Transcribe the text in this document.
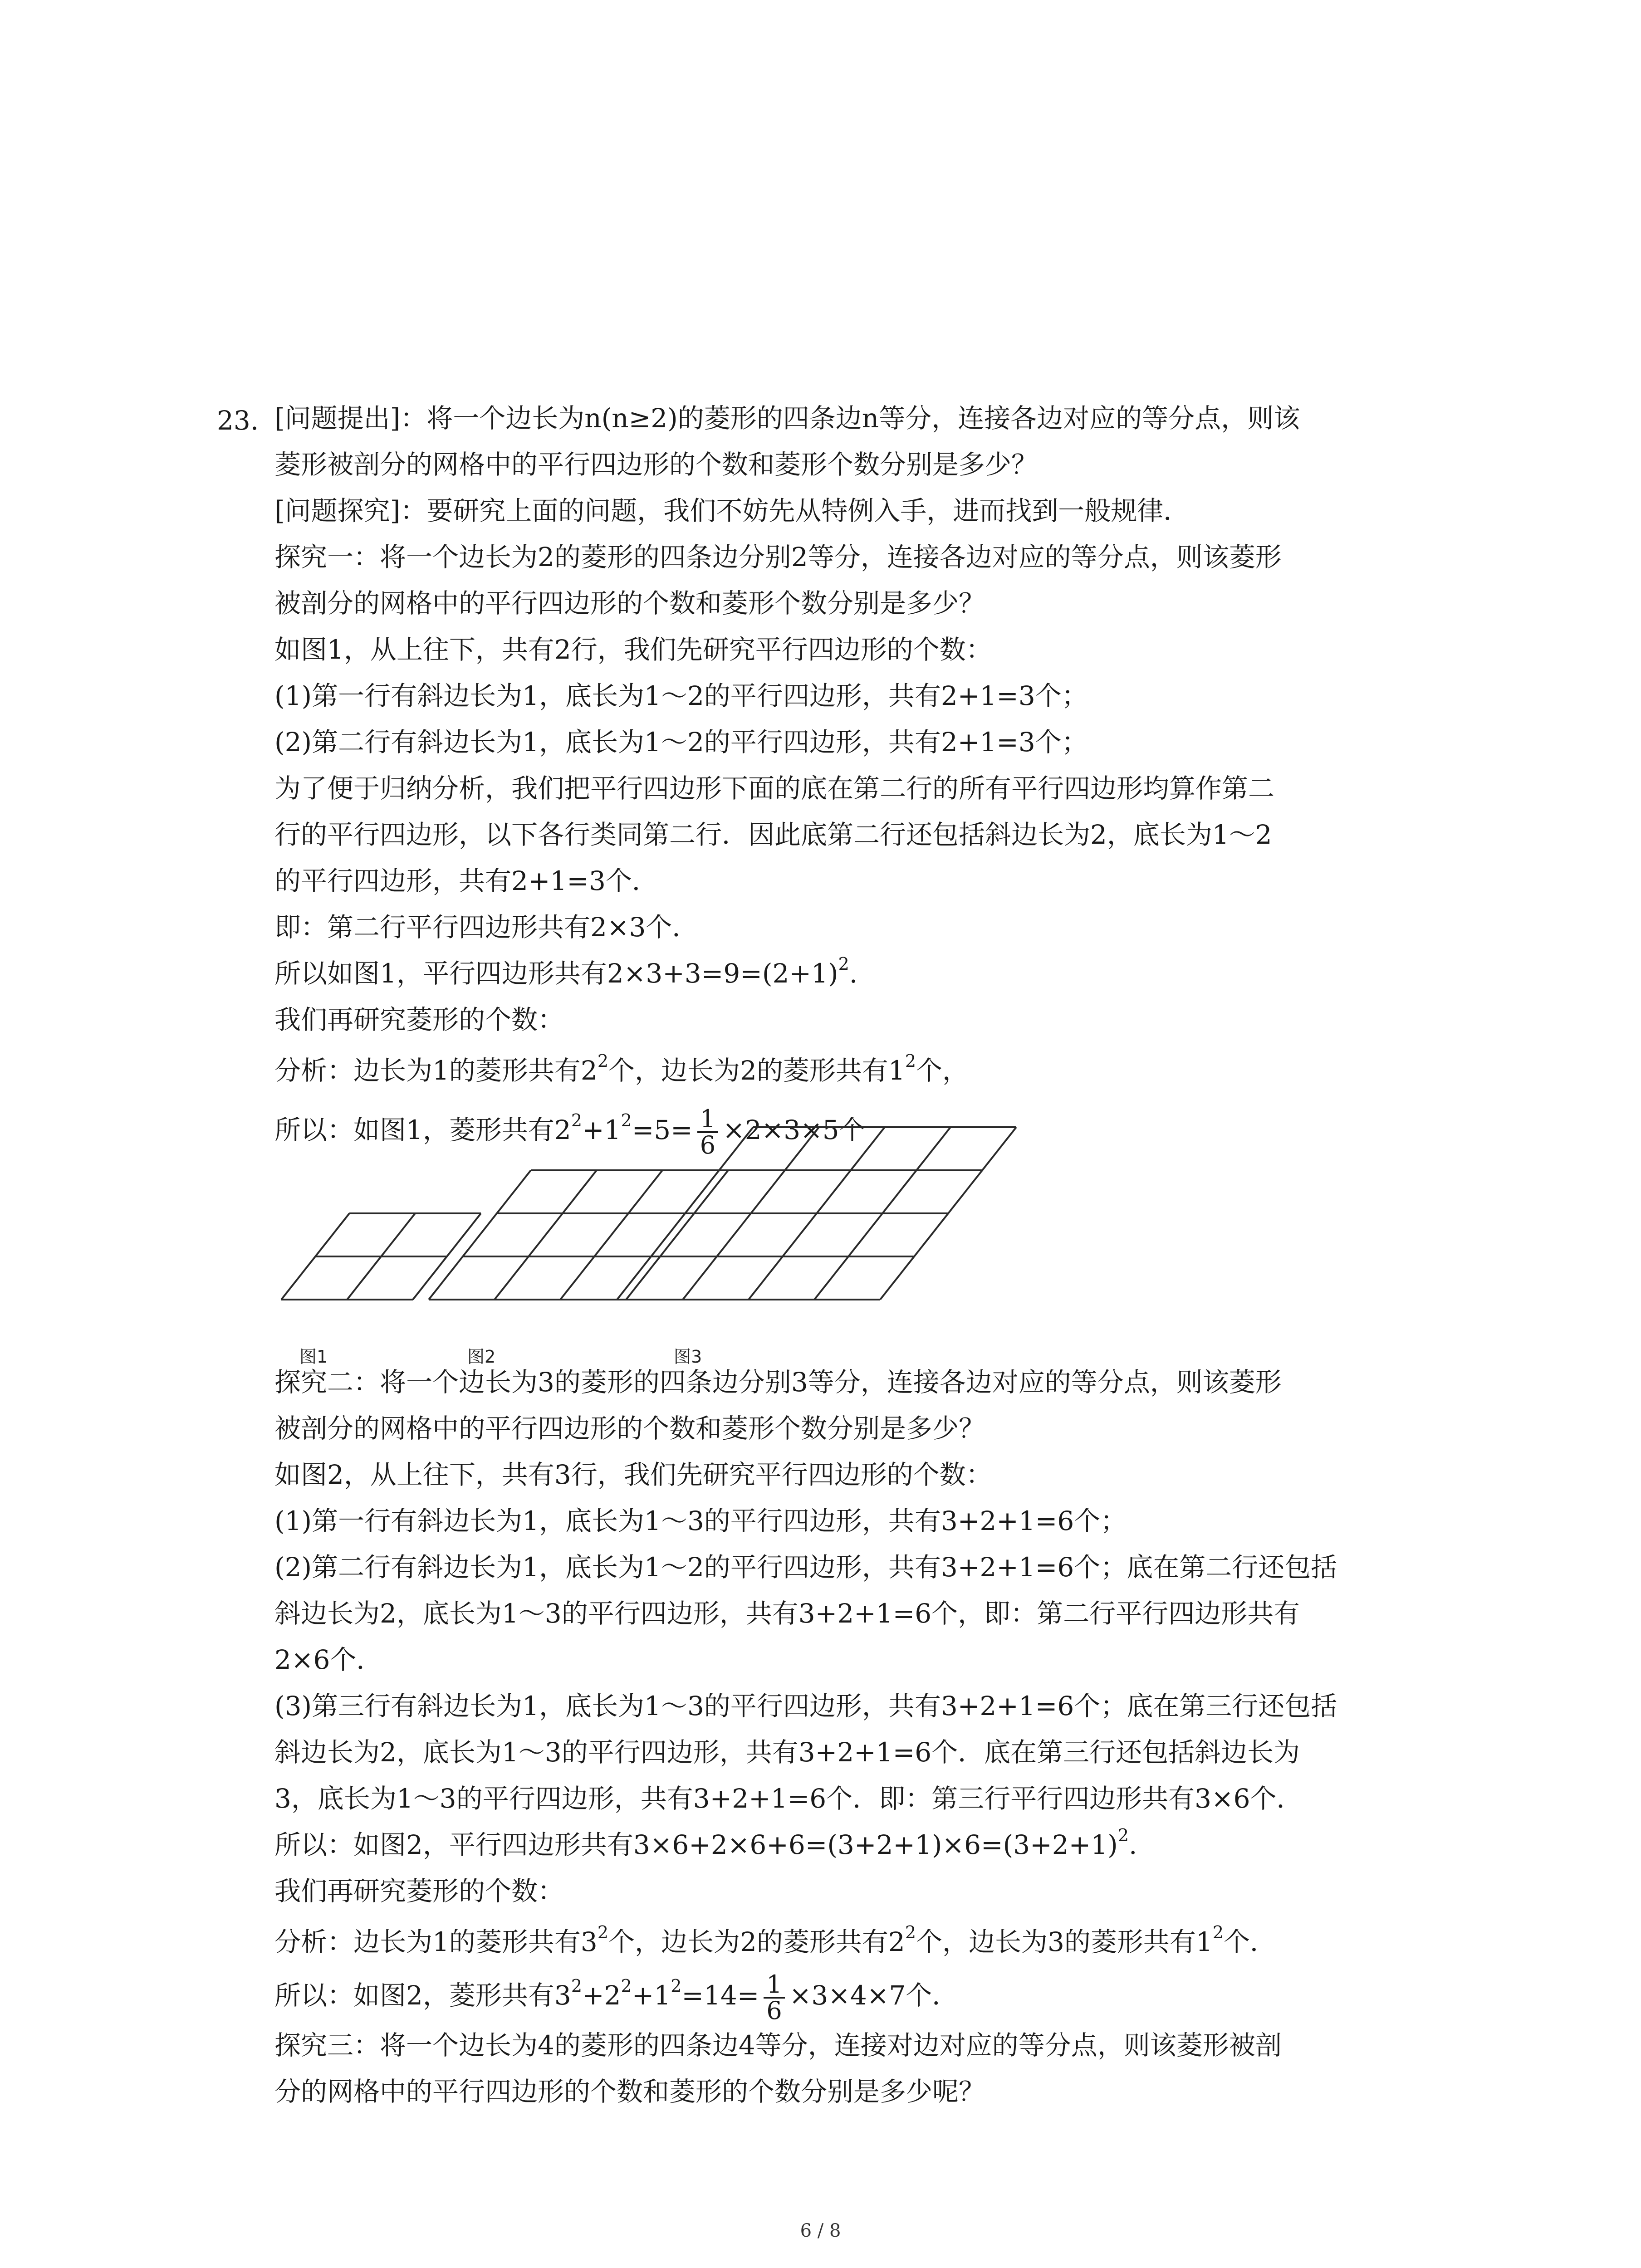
23. [问题提出]：将一个边长为n(n≥2)的菱形的四条边n等分，连接各边对应的等分点，则该
菱形被剖分的网格中的平行四边形的个数和菱形个数分别是多少？
[问题探究]：要研究上面的问题，我们不妨先从特例入手，进而找到一般规律．
探究一：将一个边长为2的菱形的四条边分别2等分，连接各边对应的等分点，则该菱形
被剖分的网格中的平行四边形的个数和菱形个数分别是多少？
如图1，从上往下，共有2行，我们先研究平行四边形的个数：
(1)第一行有斜边长为1，底长为1～2的平行四边形，共有2+1=3个；
(2)第二行有斜边长为1，底长为1～2的平行四边形，共有2+1=3个；
为了便于归纳分析，我们把平行四边形下面的底在第二行的所有平行四边形均算作第二
行的平行四边形，以下各行类同第二行．因此底第二行还包括斜边长为2，底长为1～2
的平行四边形，共有2+1=3个．
即：第二行平行四边形共有2×3个．
所以如图1，平行四边形共有$2\times 3+3=9=(2+1)^2$.
我们再研究菱形的个数：
分析：边长为1的菱形共有$2^2$个，边长为2的菱形共有$1^2$个，
所以：如图1，菱形共有$2^2+1^2=5= \frac{1}{6} \times 2\times 3\times 5$个
图1	图2	图3
探究二：将一个边长为3的菱形的四条边分别3等分，连接各边对应的等分点，则该菱形
被剖分的网格中的平行四边形的个数和菱形个数分别是多少？
如图2，从上往下，共有3行，我们先研究平行四边形的个数：
(1)第一行有斜边长为1，底长为1～3的平行四边形，共有3+2+1=6个；
(2)第二行有斜边长为1，底长为1～2的平行四边形，共有3+2+1=6个；底在第二行还包括
斜边长为2，底长为1～3的平行四边形，共有3+2+1=6个，即：第二行平行四边形共有
2×6个．
(3)第三行有斜边长为1，底长为1～3的平行四边形，共有3+2+1=6个；底在第三行还包括
斜边长为2，底长为1～3的平行四边形，共有3+2+1=6个．底在第三行还包括斜边长为
3，底长为1～3的平行四边形，共有3+2+1=6个．即：第三行平行四边形共有3×6个．
所以：如图2，平行四边形共有$3\times 6+2\times 6+6=(3+2+1)\times 6=(3+2+1)^2$.
我们再研究菱形的个数：
分析：边长为1的菱形共有$3^2$个，边长为2的菱形共有$2^2$个，边长为3的菱形共有$1^2$个．
所以：如图2，菱形共有$3^2+2^2+1^2=14= \frac{1}{6} \times 3\times 4\times 7$个．
探究三：将一个边长为4的菱形的四条边4等分，连接对边对应的等分点，则该菱形被剖
分的网格中的平行四边形的个数和菱形的个数分别是多少呢？
6 / 8
